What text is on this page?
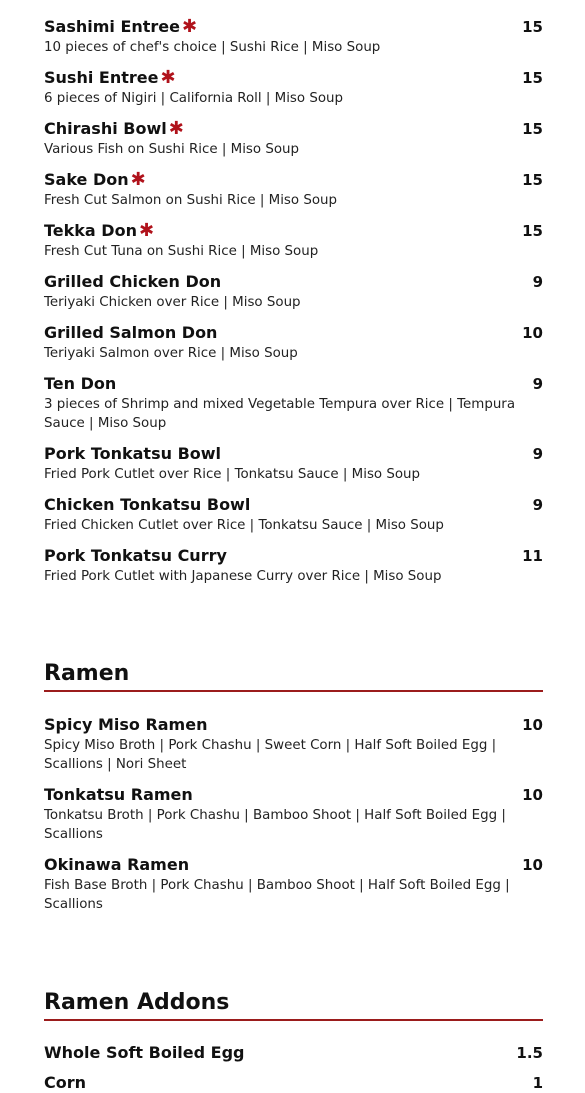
Sashimi Entree ✱	15
10 pieces of chef's choice | Sushi Rice | Miso Soup
Sushi Entree ✱	15
6 pieces of Nigiri | California Roll | Miso Soup
Chirashi Bowl ✱	15
Various Fish on Sushi Rice | Miso Soup
Sake Don ✱	15
Fresh Cut Salmon on Sushi Rice | Miso Soup
Tekka Don ✱	15
Fresh Cut Tuna on Sushi Rice | Miso Soup
Grilled Chicken Don	9
Teriyaki Chicken over Rice | Miso Soup
Grilled Salmon Don	10
Teriyaki Salmon over Rice | Miso Soup
Ten Don	9
3 pieces of Shrimp and mixed Vegetable Tempura over Rice | Tempura Sauce | Miso Soup
Pork Tonkatsu Bowl	9
Fried Pork Cutlet over Rice | Tonkatsu Sauce | Miso Soup
Chicken Tonkatsu Bowl	9
Fried Chicken Cutlet over Rice | Tonkatsu Sauce | Miso Soup
Pork Tonkatsu Curry	11
Fried Pork Cutlet with Japanese Curry over Rice | Miso Soup
Ramen
Spicy Miso Ramen	10
Spicy Miso Broth | Pork Chashu | Sweet Corn | Half Soft Boiled Egg | Scallions | Nori Sheet
Tonkatsu Ramen	10
Tonkatsu Broth | Pork Chashu | Bamboo Shoot | Half Soft Boiled Egg | Scallions
Okinawa Ramen	10
Fish Base Broth | Pork Chashu | Bamboo Shoot | Half Soft Boiled Egg | Scallions
Ramen Addons
Whole Soft Boiled Egg	1.5
Corn	1
